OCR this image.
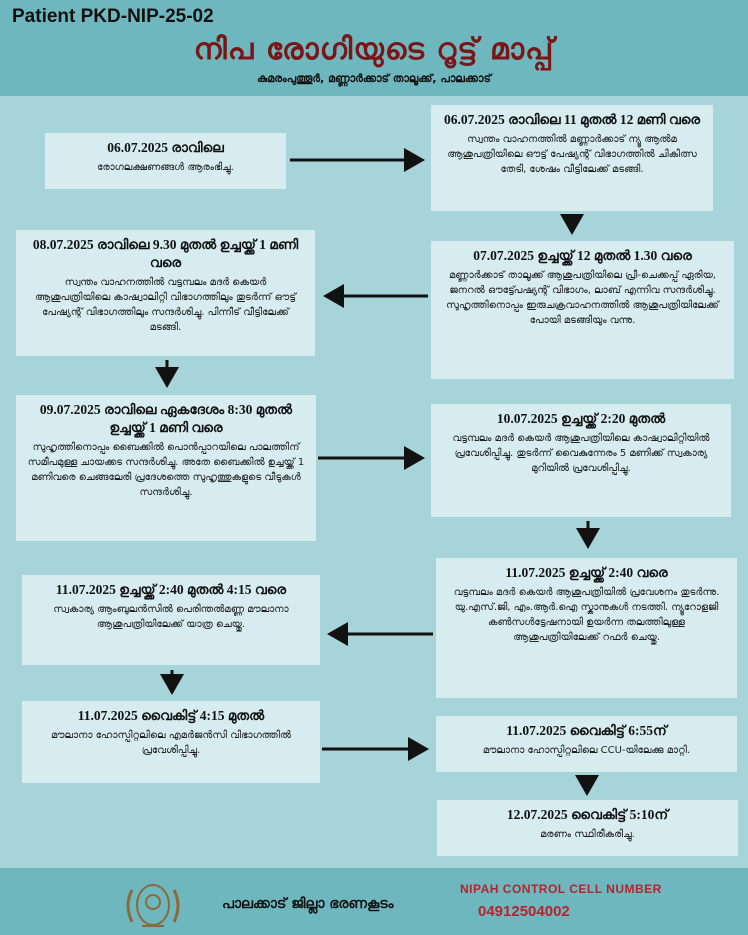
Patient PKD-NIP-25-02
നിപ രോഗിയുടെ റൂട്ട് മാപ്പ്
കുമരംപുത്തൂർ, മണ്ണാർക്കാട് താലൂക്ക്, പാലക്കാട്
06.07.2025 രാവിലെ
രോഗലക്ഷണങ്ങൾ ആരംഭിച്ചു.
06.07.2025 രാവിലെ 11 മുതൽ 12 മണി വരെ
സ്വന്തം വാഹനത്തിൽ മണ്ണാർക്കാട് ന്യൂ ആൽമ ആശുപത്രിയിലെ ഔട്ട് പേഷ്യന്റ് വിഭാഗത്തിൽ ചികിത്സ തേടി, ശേഷം വീട്ടിലേക്ക് മടങ്ങി.
07.07.2025 ഉച്ചയ്ക്ക് 12 മുതൽ 1.30 വരെ
മണ്ണാർക്കാട് താലൂക്ക് ആശുപത്രിയിലെ പ്രീ-ചെക്കപ്പ് ഏരിയ, ജനറൽ ഔട്ട്പേഷ്യന്റ് വിഭാഗം, ലാബ് എന്നിവ സന്ദർശിച്ചു. സുഹൃത്തിനൊപ്പം ഇരുചക്രവാഹനത്തിൽ ആശുപത്രിയിലേക്ക് പോയി മടങ്ങിയും വന്നു.
08.07.2025 രാവിലെ 9.30 മുതൽ ഉച്ചയ്ക്ക് 1 മണി വരെ
സ്വന്തം വാഹനത്തിൽ വട്ടമ്പലം മദർ കെയർ ആശുപത്രിയിലെ കാഷ്വാലിറ്റി വിഭാഗത്തിലും തുടർന്ന് ഔട്ട് പേഷ്യന്റ് വിഭാഗത്തിലും സന്ദർശിച്ചു. പിന്നീട് വീട്ടിലേക്ക് മടങ്ങി.
09.07.2025 രാവിലെ ഏകദേശം 8:30 മുതൽ ഉച്ചയ്ക്ക് 1 മണി വരെ
സുഹൃത്തിനൊപ്പം ബൈക്കിൽ പൊൻപ്പാറയിലെ പാലത്തിന് സമീപമുള്ള ചായക്കട സന്ദർശിച്ചു. അതേ ബൈക്കിൽ ഉച്ചയ്ക്ക് 1 മണിവരെ ചെങ്ങലേരി പ്രദേശത്തെ സുഹൃത്തുകളുടെ വീടുകൾ സന്ദർശിച്ചു.
10.07.2025 ഉച്ചയ്ക്ക് 2:20 മുതൽ
വട്ടമ്പലം മദർ കെയർ ആശുപത്രിയിലെ കാഷ്വാലിറ്റിയിൽ പ്രവേശിപ്പിച്ചു. തുടർന്ന് വൈകുന്നേരം 5 മണിക്ക് സ്വകാര്യ മുറിയിൽ പ്രവേശിപ്പിച്ചു.
11.07.2025 ഉച്ചയ്ക്ക് 2:40 വരെ
വട്ടമ്പലം മദർ കെയർ ആശുപത്രിയിൽ പ്രവേശനം തുടർന്നു. യു.എസ്.ജി, എം.ആർ.ഐ സ്കാനുകൾ നടത്തി. ന്യൂറോളജി കൺസൾട്ടേഷനായി ഉയർന്ന തലത്തിലുള്ള ആശുപത്രിയിലേക്ക് റഫർ ചെയ്തു.
11.07.2025 ഉച്ചയ്ക്ക് 2:40 മുതൽ 4:15 വരെ
സ്വകാര്യ ആംബുലൻസിൽ പെരിന്തൽമണ്ണ മൗലാനാ ആശുപത്രിയിലേക്ക് യാത്ര ചെയ്തു.
11.07.2025 വൈകിട്ട് 4:15 മുതൽ
മൗലാനാ ഹോസ്പിറ്റലിലെ എമർജൻസി വിഭാഗത്തിൽ പ്രവേശിപ്പിച്ചു.
11.07.2025 വൈകിട്ട് 6:55ന്
മൗലാനാ ഹോസ്പിറ്റലിലെ CCU-യിലേക്കു മാറ്റി.
12.07.2025 വൈകിട്ട് 5:10ന്
മരണം സ്ഥിരീകരിച്ചു.
പാലക്കാട് ജില്ലാ ഭരണകൂടം
NIPAH CONTROL CELL NUMBER
04912504002
